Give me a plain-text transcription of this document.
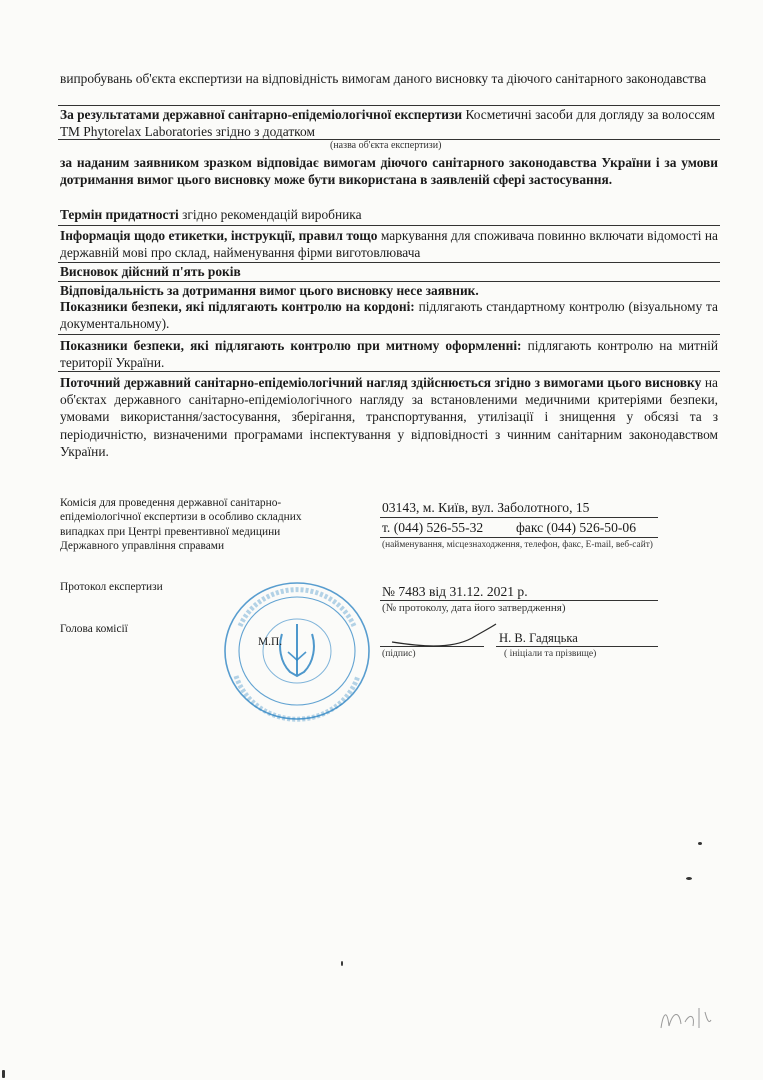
випробувань об'єкта експертизи на відповідність вимогам даного висновку та діючого санітарного законодавства
За результатами державної санітарно-епідеміологічної експертизи Косметичні засоби для догляду за волоссям ТМ Phytorelax Laboratories згідно з додатком
(назва об'єкта експертизи)
за наданим заявником зразком відповідає вимогам діючого санітарного законодавства України і за умови дотримання вимог цього висновку може бути використана в заявленій сфері застосування.
Термін придатності згідно рекомендацій виробника
Інформація щодо етикетки, інструкції, правил тощо маркування для споживача повинно включати відомості на державній мові про склад, найменування фірми виготовлювача
Висновок дійсний п'ять років
Відповідальність за дотримання вимог цього висновку несе заявник.
Показники безпеки, які підлягають контролю на кордоні: підлягають стандартному контролю (візуальному та документальному).
Показники безпеки, які підлягають контролю при митному оформленні: підлягають контролю на митній території України.
Поточний державний санітарно-епідеміологічний нагляд здійснюється згідно з вимогами цього висновку на об'єктах державного санітарно-епідеміологічного нагляду за встановленими медичними критеріями безпеки, умовами використання/застосування, зберігання, транспортування, утилізації і знищення у обсязі та з періодичністю, визначеними програмами інспектування у відповідності з чинним санітарним законодавством України.
Комісія для проведення державної санітарно-
епідеміологічної експертизи в особливо складних
випадках при Центрі превентивної медицини
Державного управління справами
03143, м. Київ, вул. Заболотного, 15
т. (044) 526-55-32 факс (044) 526-50-06
(найменування, місцезнаходження, телефон, факс, E-mail, веб-сайт)
Протокол експертизи	№ 7483 від 31.12. 2021 р.
(№ протоколу, дата його затвердження)
Голова комісії
Н. В. Гадяцька
(підпис)	( ініціали та прізвище)
М.П.
